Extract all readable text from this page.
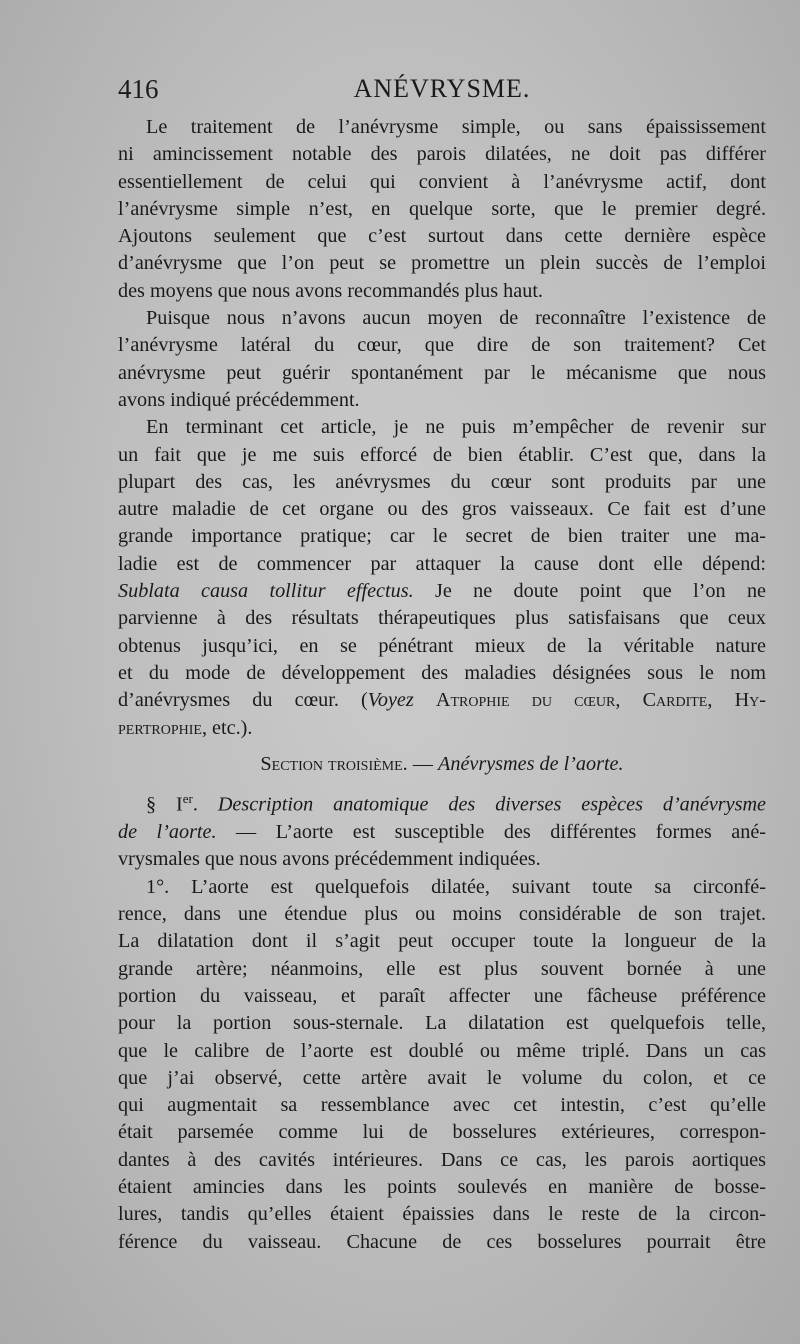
416	ANÉVRYSME.
Le traitement de l’anévrysme simple, ou sans épaississement
ni amincissement notable des parois dilatées, ne doit pas différer
essentiellement de celui qui convient à l’anévrysme actif, dont
l’anévrysme simple n’est, en quelque sorte, que le premier degré.
Ajoutons seulement que c’est surtout dans cette dernière espèce
d’anévrysme que l’on peut se promettre un plein succès de l’emploi
des moyens que nous avons recommandés plus haut.
Puisque nous n’avons aucun moyen de reconnaître l’existence de
l’anévrysme latéral du cœur, que dire de son traitement? Cet
anévrysme peut guérir spontanément par le mécanisme que nous
avons indiqué précédemment.
En terminant cet article, je ne puis m’empêcher de revenir sur
un fait que je me suis efforcé de bien établir. C’est que, dans la
plupart des cas, les anévrysmes du cœur sont produits par une
autre maladie de cet organe ou des gros vaisseaux. Ce fait est d’une
grande importance pratique; car le secret de bien traiter une ma-
ladie est de commencer par attaquer la cause dont elle dépend:
Sublata causa tollitur effectus. Je ne doute point que l’on ne
parvienne à des résultats thérapeutiques plus satisfaisans que ceux
obtenus jusqu’ici, en se pénétrant mieux de la véritable nature
et du mode de développement des maladies désignées sous le nom
d’anévrysmes du cœur. (Voyez Atrophie du cœur, Cardite, Hy-
pertrophie, etc.).
Section troisième. — Anévrysmes de l’aorte.
§ Ier. Description anatomique des diverses espèces d’anévrysme
de l’aorte. — L’aorte est susceptible des différentes formes ané-
vrysmales que nous avons précédemment indiquées.
1°. L’aorte est quelquefois dilatée, suivant toute sa circonfé-
rence, dans une étendue plus ou moins considérable de son trajet.
La dilatation dont il s’agit peut occuper toute la longueur de la
grande artère; néanmoins, elle est plus souvent bornée à une
portion du vaisseau, et paraît affecter une fâcheuse préférence
pour la portion sous-sternale. La dilatation est quelquefois telle,
que le calibre de l’aorte est doublé ou même triplé. Dans un cas
que j’ai observé, cette artère avait le volume du colon, et ce
qui augmentait sa ressemblance avec cet intestin, c’est qu’elle
était parsemée comme lui de bosselures extérieures, correspon-
dantes à des cavités intérieures. Dans ce cas, les parois aortiques
étaient amincies dans les points soulevés en manière de bosse-
lures, tandis qu’elles étaient épaissies dans le reste de la circon-
férence du vaisseau. Chacune de ces bosselures pourrait être
